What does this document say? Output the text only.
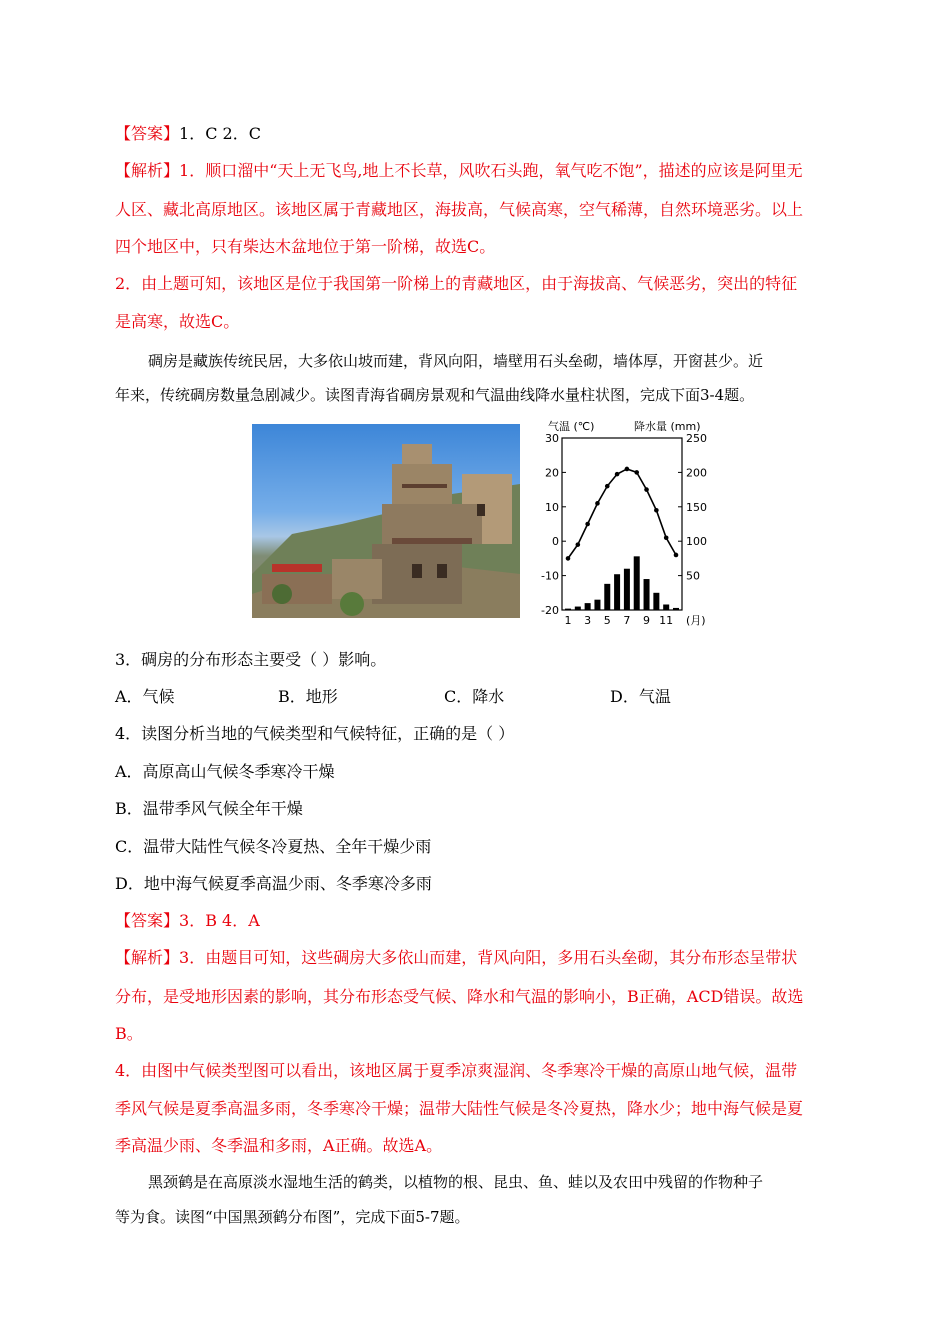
【答案】1．C 2．C
【解析】1．顺口溜中“天上无飞鸟,地上不长草，风吹石头跑，氧气吃不饱”，描述的应该是阿里无
人区、藏北高原地区。该地区属于青藏地区，海拔高，气候高寒，空气稀薄，自然环境恶劣。以上
四个地区中，只有柴达木盆地位于第一阶梯，故选C。
2．由上题可知，该地区是位于我国第一阶梯上的青藏地区，由于海拔高、气候恶劣，突出的特征
是高寒，故选C。
碉房是藏族传统民居，大多依山坡而建，背风向阳，墙壁用石头垒砌，墙体厚，开窗甚少。近
年来，传统碉房数量急剧减少。读图青海省碉房景观和气温曲线降水量柱状图，完成下面3-4题。
气温 (℃)	降水量 (mm)
30
20
10
0
-10
-20
250
200
150
100
50
1 3 5 7 9 11 (月)
3．碉房的分布形态主要受（ ）影响。
A．气候	B．地形	C．降水	D．气温
4．读图分析当地的气候类型和气候特征，正确的是（ ）
A．高原高山气候冬季寒冷干燥
B．温带季风气候全年干燥
C．温带大陆性气候冬冷夏热、全年干燥少雨
D．地中海气候夏季高温少雨、冬季寒冷多雨
【答案】3．B 4．A
【解析】3．由题目可知，这些碉房大多依山而建，背风向阳，多用石头垒砌，其分布形态呈带状
分布，是受地形因素的影响，其分布形态受气候、降水和气温的影响小，B正确，ACD错误。故选
B。
4．由图中气候类型图可以看出，该地区属于夏季凉爽湿润、冬季寒冷干燥的高原山地气候，温带
季风气候是夏季高温多雨，冬季寒冷干燥；温带大陆性气候是冬冷夏热，降水少；地中海气候是夏
季高温少雨、冬季温和多雨，A正确。故选A。
黑颈鹤是在高原淡水湿地生活的鹤类，以植物的根、昆虫、鱼、蛙以及农田中残留的作物种子
等为食。读图“中国黑颈鹤分布图”，完成下面5-7题。
